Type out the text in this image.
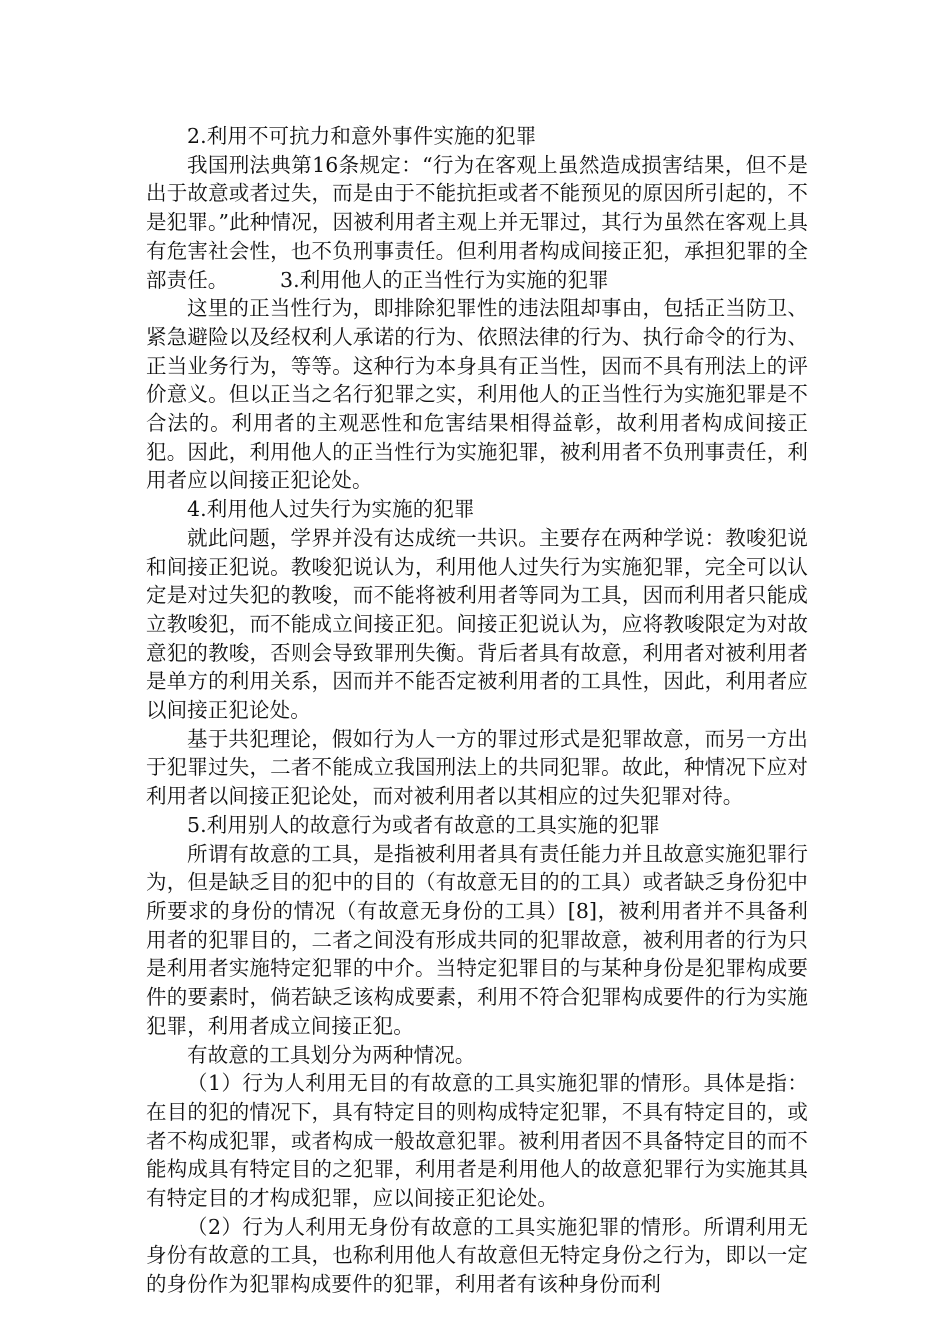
2.利用不可抗力和意外事件实施的犯罪

我国刑法典第16条规定：“行为在客观上虽然造成损害结果，但不是出于故意或者过失，而是由于不能抗拒或者不能预见的原因所引起的，不是犯罪。”此种情况，因被利用者主观上并无罪过，其行为虽然在客观上具有危害社会性，也不负刑事责任。但利用者构成间接正犯，承担犯罪的全部责任。　　　3.利用他人的正当性行为实施的犯罪

这里的正当性行为，即排除犯罪性的违法阻却事由，包括正当防卫、紧急避险以及经权利人承诺的行为、依照法律的行为、执行命令的行为、正当业务行为，等等。这种行为本身具有正当性，因而不具有刑法上的评价意义。但以正当之名行犯罪之实，利用他人的正当性行为实施犯罪是不合法的。利用者的主观恶性和危害结果相得益彰，故利用者构成间接正犯。因此，利用他人的正当性行为实施犯罪，被利用者不负刑事责任，利用者应以间接正犯论处。

4.利用他人过失行为实施的犯罪

就此问题，学界并没有达成统一共识。主要存在两种学说：教唆犯说和间接正犯说。教唆犯说认为，利用他人过失行为实施犯罪，完全可以认定是对过失犯的教唆，而不能将被利用者等同为工具，因而利用者只能成立教唆犯，而不能成立间接正犯。间接正犯说认为，应将教唆限定为对故意犯的教唆，否则会导致罪刑失衡。背后者具有故意，利用者对被利用者是单方的利用关系，因而并不能否定被利用者的工具性，因此，利用者应以间接正犯论处。

基于共犯理论，假如行为人一方的罪过形式是犯罪故意，而另一方出于犯罪过失，二者不能成立我国刑法上的共同犯罪。故此，种情况下应对利用者以间接正犯论处，而对被利用者以其相应的过失犯罪对待。

5.利用别人的故意行为或者有故意的工具实施的犯罪

所谓有故意的工具，是指被利用者具有责任能力并且故意实施犯罪行为，但是缺乏目的犯中的目的（有故意无目的的工具）或者缺乏身份犯中所要求的身份的情况（有故意无身份的工具）[8]，被利用者并不具备利用者的犯罪目的，二者之间没有形成共同的犯罪故意，被利用者的行为只是利用者实施特定犯罪的中介。当特定犯罪目的与某种身份是犯罪构成要件的要素时，倘若缺乏该构成要素，利用不符合犯罪构成要件的行为实施犯罪，利用者成立间接正犯。

有故意的工具划分为两种情况。

（1）行为人利用无目的有故意的工具实施犯罪的情形。具体是指：在目的犯的情况下，具有特定目的则构成特定犯罪，不具有特定目的，或者不构成犯罪，或者构成一般故意犯罪。被利用者因不具备特定目的而不能构成具有特定目的之犯罪，利用者是利用他人的故意犯罪行为实施其具有特定目的才构成犯罪，应以间接正犯论处。

（2）行为人利用无身份有故意的工具实施犯罪的情形。所谓利用无身份有故意的工具，也称利用他人有故意但无特定身份之行为，即以一定的身份作为犯罪构成要件的犯罪，利用者有该种身份而利
